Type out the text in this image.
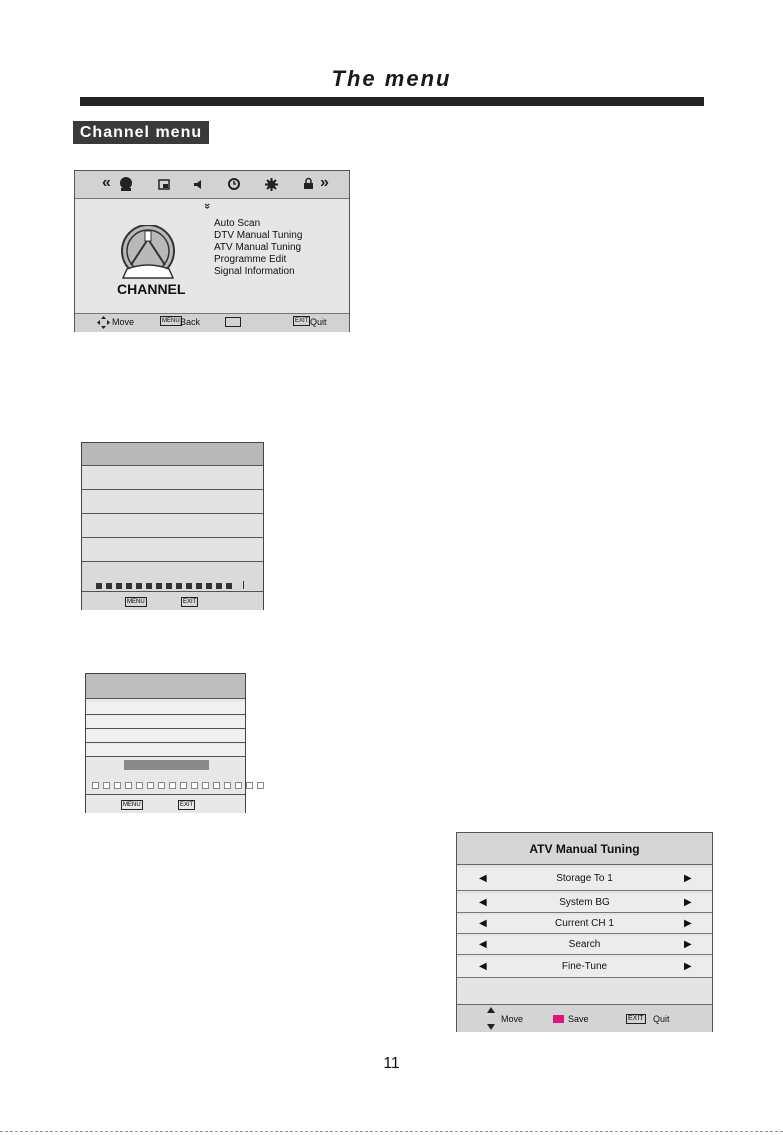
The menu
Channel menu
«	»
»
CHANNEL
Auto Scan
DTV Manual Tuning
ATV Manual Tuning
Programme Edit
Signal Information
Move	MENU Back	EXIT Quit
MENU	EXIT
MENU	EXIT
ATV Manual Tuning
◀	Storage To 1	▶
◀	System BG	▶
◀	Current CH 1	▶
◀	Search	▶
◀	Fine-Tune	▶
Move	Save	EXIT Quit
11
